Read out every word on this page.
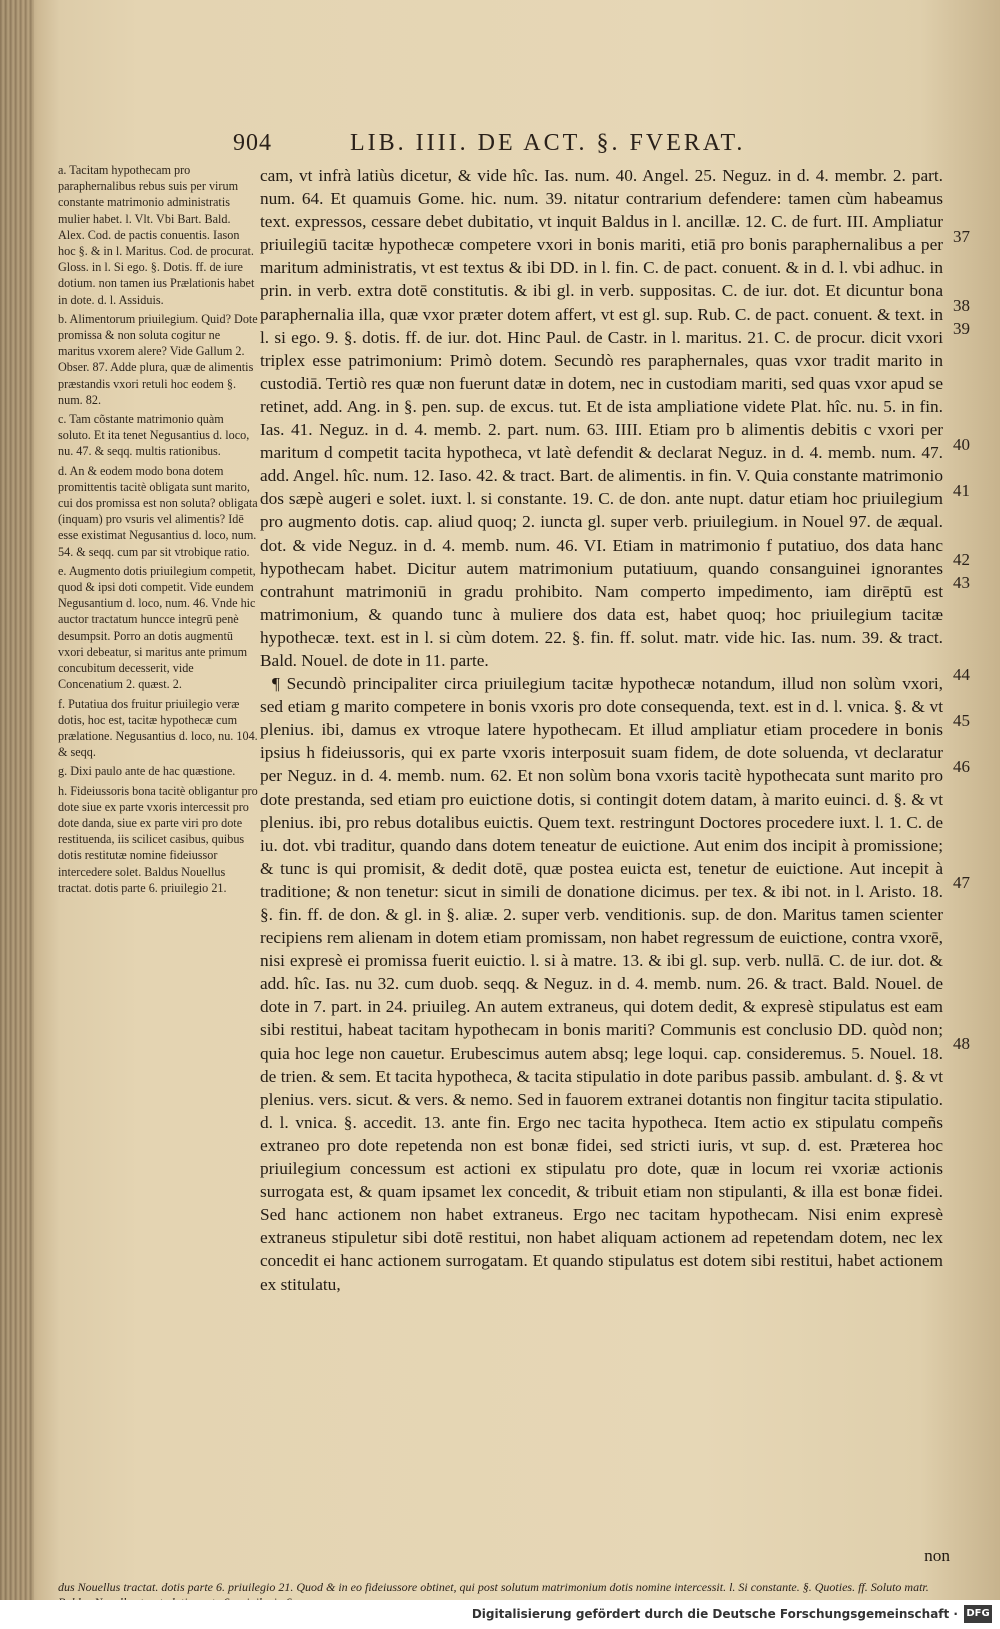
904	LIB. IIII. DE ACT. §. FVERAT.
a. Tacitam hypothecam pro paraphernalibus rebus suis per virum constante matrimonio administratis mulier habet. l. Vlt. Vbi Bart. Bald. Alex. Cod. de pactis conuentis. Iason hoc §. & in l. Maritus. Cod. de procurat. Gloss. in l. Si ego. §. Dotis. ff. de iure dotium. non tamen ius Prælationis habet in dote. d. l. Assiduis.
b. Alimentorum priuilegium. Quid? Dote promissa & non soluta cogitur ne maritus vxorem alere? Vide Gallum 2. Obser. 87. Adde plura, quæ de alimentis præstandis vxori retuli hoc eodem §. num. 82.
c. Tam cõstante matrimonio quàm soluto. Et ita tenet Negusantius d. loco, nu. 47. & seqq. multis rationibus.
d. An & eodem modo bona dotem promittentis tacitè obligata sunt marito, cui dos promissa est non soluta? obligata (inquam) pro vsuris vel alimentis? Idē esse existimat Negusantius d. loco, num. 54. & seqq. cum par sit vtrobique ratio.
e. Augmento dotis priuilegium competit, quod & ipsi doti competit. Vide eundem Negusantium d. loco, num. 46. Vnde hic auctor tractatum huncce integrū penè desumpsit. Porro an dotis augmentū vxori debeatur, si maritus ante primum concubitum decesserit, vide Concenatium 2. quæst. 2.
f. Putatiua dos fruitur priuilegio veræ dotis, hoc est, tacitæ hypothecæ cum prælatione. Negusantius d. loco, nu. 104. & seqq.
g. Dixi paulo ante de hac quæstione.
h. Fideiussoris bona tacitè obligantur pro dote siue ex parte vxoris intercessit pro dote danda, siue ex parte viri pro dote restituenda, iis scilicet casibus, quibus dotis restitutæ nomine fideiussor intercedere solet. Baldus Nouellus tractat. dotis parte 6. priuilegio 21.

cam, vt infrà latiùs dicetur, & vide hîc. Ias. num. 40. Angel. 25. Neguz. in d. 4. membr. 2. part. num. 64. Et quamuis Gome. hic. num. 39. nitatur contrarium defendere: tamen cùm habeamus text. expressos, cessare debet dubitatio, vt inquit Baldus in l. ancillæ. 12. C. de furt. III. Ampliatur priuilegiū tacitæ hypothecæ competere vxori in bonis mariti, etiā pro bonis paraphernalibus a per maritum administratis, vt est textus & ibi DD. in l. fin. C. de pact. conuent. & in d. l. vbi adhuc. in prin. in verb. extra dotē constitutis. & ibi gl. in verb. suppositas. C. de iur. dot. Et dicuntur bona paraphernalia illa, quæ vxor præter dotem affert, vt est gl. sup. Rub. C. de pact. conuent. & text. in l. si ego. 9. §. dotis. ff. de iur. dot. Hinc Paul. de Castr. in l. maritus. 21. C. de procur. dicit vxori triplex esse patrimonium: Primò dotem. Secundò res paraphernales, quas vxor tradit marito in custodiā. Tertiò res quæ non fuerunt datæ in dotem, nec in custodiam mariti, sed quas vxor apud se retinet, add. Ang. in §. pen. sup. de excus. tut. Et de ista ampliatione videte Plat. hîc. nu. 5. in fin. Ias. 41. Neguz. in d. 4. memb. 2. part. num. 63. IIII. Etiam pro b alimentis debitis c vxori per maritum d competit tacita hypotheca, vt latè defendit & declarat Neguz. in d. 4. memb. num. 47. add. Angel. hîc. num. 12. Iaso. 42. & tract. Bart. de alimentis. in fin. V. Quia constante matrimonio dos sæpè augeri e solet. iuxt. l. si constante. 19. C. de don. ante nupt. datur etiam hoc priuilegium pro augmento dotis. cap. aliud quoq; 2. iuncta gl. super verb. priuilegium. in Nouel 97. de æqual. dot. & vide Neguz. in d. 4. memb. num. 46. VI. Etiam in matrimonio f putatiuo, dos data hanc hypothecam habet. Dicitur autem matrimonium putatiuum, quando consanguinei ignorantes contrahunt matrimoniū in gradu prohibito. Nam comperto impedimento, iam dirēptū est matrimonium, & quando tunc à muliere dos data est, habet quoq; hoc priuilegium tacitæ hypothecæ. text. est in l. si cùm dotem. 22. §. fin. ff. solut. matr. vide hic. Ias. num. 39. & tract. Bald. Nouel. de dote in 11. parte.

¶ Secundò principaliter circa priuilegium tacitæ hypothecæ notandum, illud non solùm vxori, sed etiam g marito competere in bonis vxoris pro dote consequenda, text. est in d. l. vnica. §. & vt plenius. ibi, damus ex vtroque latere hypothecam. Et illud ampliatur etiam procedere in bonis ipsius h fideiussoris, qui ex parte vxoris interposuit suam fidem, de dote soluenda, vt declaratur per Neguz. in d. 4. memb. num. 62. Et non solùm bona vxoris tacitè hypothecata sunt marito pro dote prestanda, sed etiam pro euictione dotis, si contingit dotem datam, à marito euinci. d. §. & vt plenius. ibi, pro rebus dotalibus euictis. Quem text. restringunt Doctores procedere iuxt. l. 1. C. de iu. dot. vbi traditur, quando dans dotem teneatur de euictione. Aut enim dos incipit à promissione; & tunc is qui promisit, & dedit dotē, quæ postea euicta est, tenetur de euictione. Aut incepit à traditione; & non tenetur: sicut in simili de donatione dicimus. per tex. & ibi not. in l. Aristo. 18. §. fin. ff. de don. & gl. in §. aliæ. 2. super verb. venditionis. sup. de don. Maritus tamen scienter recipiens rem alienam in dotem etiam promissam, non habet regressum de euictione, contra vxorē, nisi expresè ei promissa fuerit euictio. l. si à matre. 13. & ibi gl. sup. verb. nullā. C. de iur. dot. & add. hîc. Ias. nu 32. cum duob. seqq. & Neguz. in d. 4. memb. num. 26. & tract. Bald. Nouel. de dote in 7. part. in 24. priuileg. An autem extraneus, qui dotem dedit, & expresè stipulatus est eam sibi restitui, habeat tacitam hypothecam in bonis mariti? Communis est conclusio DD. quòd non; quia hoc lege non cauetur. Erubescimus autem absq; lege loqui. cap. consideremus. 5. Nouel. 18. de trien. & sem. Et tacita hypotheca, & tacita stipulatio in dote paribus passib. ambulant. d. §. & vt plenius. vers. sicut. & vers. & nemo. Sed in fauorem extranei dotantis non fingitur tacita stipulatio. d. l. vnica. §. accedit. 13. ante fin. Ergo nec tacita hypotheca. Item actio ex stipulatu compeñs extraneo pro dote repetenda non est bonæ fidei, sed stricti iuris, vt sup. d. est. Præterea hoc priuilegium concessum est actioni ex stipulatu pro dote, quæ in locum rei vxoriæ actionis surrogata est, & quam ipsamet lex concedit, & tribuit etiam non stipulanti, & illa est bonæ fidei. Sed hanc actionem non habet extraneus. Ergo nec tacitam hypothecam. Nisi enim expresè extraneus stipuletur sibi dotē restitui, non habet aliquam actionem ad repetendam dotem, nec lex concedit ei hanc actionem surrogatam. Et quando stipulatus est dotem sibi restitui, habet actionem ex stitulatu,

37
38
39
40
41
42
43
44
45
46
47
48
non
dus Nouellus tractat. dotis parte 6. priuilegio 21. Quod & in eo fideiussore obtinet, qui post solutum matrimonium dotis nomine intercessit. l. Si constante. §. Quoties. ff. Soluto matr.
Digitalisierung gefördert durch die Deutsche Forschungsgemeinschaft · DFG
